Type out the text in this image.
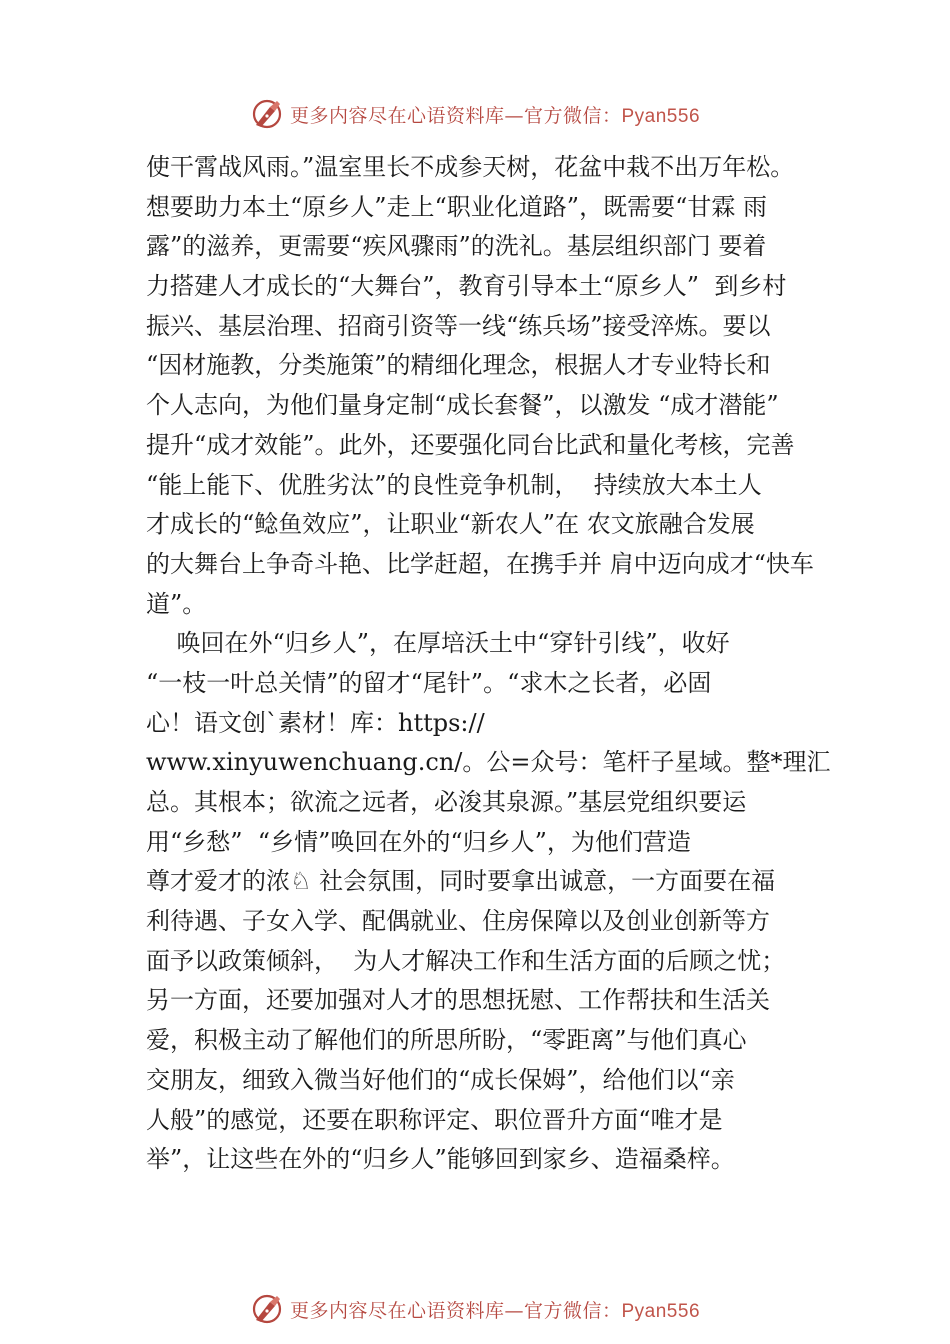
更多内容尽在心语资料库—官方微信：Pyan556
使干霄战风雨。”温室里长不成参天树，花盆中栽不出万年松。
想要助力本土“原乡人”走上“职业化道路”，既需要“甘霖 雨
露”的滋养，更需要“疾风骤雨”的洗礼。基层组织部门 要着
力搭建人才成长的“大舞台”，教育引导本土“原乡人”  到乡村
振兴、基层治理、招商引资等一线“练兵场”接受淬炼。要以
“因材施教，分类施策”的精细化理念，根据人才专业特长和
个人志向，为他们量身定制“成长套餐”，以激发 “成才潜能”
提升“成才效能”。此外，还要强化同台比武和量化考核，完善
“能上能下、优胜劣汰”的良性竞争机制，  持续放大本土人
才成长的“鲶鱼效应”，让职业“新农人”在 农文旅融合发展
的大舞台上争奇斗艳、比学赶超，在携手并 肩中迈向成才“快车
道”。
唤回在外“归乡人”，在厚培沃土中“穿针引线”，收好
“一枝一叶总关情”的留才“尾针”。“求木之长者，必固
心！语文创`素材！库：https://
www.xinyuwenchuang.cn/。公=众号：笔杆子星域。整*理汇
总。其根本；欲流之远者，必浚其泉源。”基层党组织要运
用“乡愁”  “乡情”唤回在外的“归乡人”，为他们营造
尊才爱才的浓♘ 社会氛围，同时要拿出诚意，一方面要在福
利待遇、子女入学、配偶就业、住房保障以及创业创新等方
面予以政策倾斜，  为人才解决工作和生活方面的后顾之忧；
另一方面，还要加强对人才的思想抚慰、工作帮扶和生活关
爱，积极主动了解他们的所思所盼，“零距离”与他们真心
交朋友，细致入微当好他们的“成长保姆”，给他们以“亲
人般”的感觉，还要在职称评定、职位晋升方面“唯才是
举”，让这些在外的“归乡人”能够回到家乡、造福桑梓。
更多内容尽在心语资料库—官方微信：Pyan556
